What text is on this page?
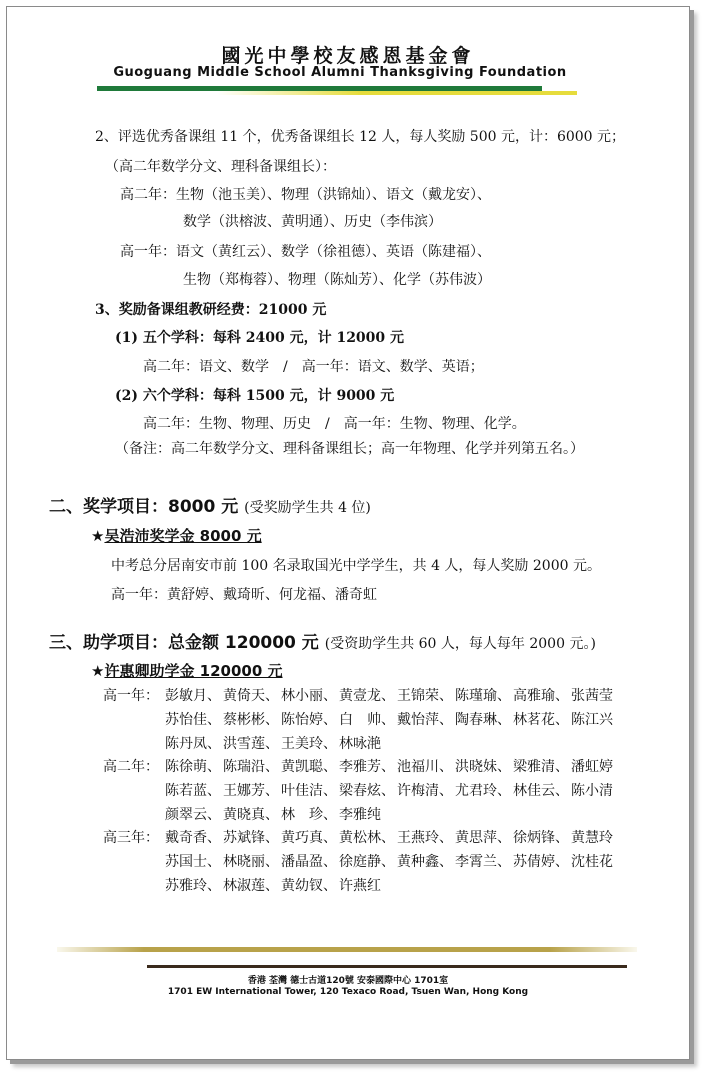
國光中學校友感恩基金會
Guoguang Middle School Alumni Thanksgiving Foundation
2、评选优秀备课组 11 个，优秀备课组长 12 人，每人奖励 500 元，计：6000 元；
（高二年数学分文、理科备课组长）：
高二年：生物（池玉美）、物理（洪锦灿）、语文（戴龙安）、
数学（洪榕波、黄明通）、历史（李伟滨）
高一年：语文（黄红云）、数学（徐祖德）、英语（陈建福）、
生物（郑梅蓉）、物理（陈灿芳）、化学（苏伟波）
3、奖励备课组教研经费：21000 元
(1) 五个学科：每科 2400 元，计 12000 元
高二年：语文、数学　/　高一年：语文、数学、英语；
(2) 六个学科：每科 1500 元，计 9000 元
高二年：生物、物理、历史　/　高一年：生物、物理、化学。
（备注：高二年数学分文、理科备课组长；高一年物理、化学并列第五名。）
二、奖学项目：8000 元 (受奖励学生共 4 位)
★吴浩沛奖学金 8000 元
中考总分居南安市前 100 名录取国光中学学生，共 4 人，每人奖励 2000 元。
高一年：黄舒婷、戴琦昕、何龙福、潘奇虹
三、助学项目：总金额 120000 元 (受资助学生共 60 人，每人每年 2000 元。)
★许惠卿助学金 120000 元
高一年： 彭敏月、 黄倚天、 林小丽、 黄壹龙、 王锦荣、 陈瑾瑜、 高雅瑜、 张茜莹
苏怡佳、 蔡彬彬、 陈怡婷、 白　帅、 戴怡萍、 陶春琳、 林茗花、 陈江兴
陈丹凤、 洪雪莲、 王美玲、 林咏滟
高二年： 陈徐萌、 陈瑞沿、 黄凯聪、 李雅芳、 池福川、 洪晓妹、 梁雅清、 潘虹婷
陈若蓝、 王娜芳、 叶佳洁、 梁春炫、 许梅清、 尤君玲、 林佳云、 陈小清
颜翠云、 黄晓真、 林　珍、 李雅纯
高三年： 戴奇香、 苏斌锋、 黄巧真、 黄松林、 王燕玲、 黄思萍、 徐炳锋、 黄慧玲
苏国士、 林晓丽、 潘晶盈、 徐庭静、 黄种鑫、 李霄兰、 苏倩婷、 沈桂花
苏雅玲、 林淑莲、 黄幼钗、 许燕红
香港 荃灣 德士古道120號 安泰國際中心 1701室
1701 EW International Tower, 120 Texaco Road, Tsuen Wan, Hong Kong
